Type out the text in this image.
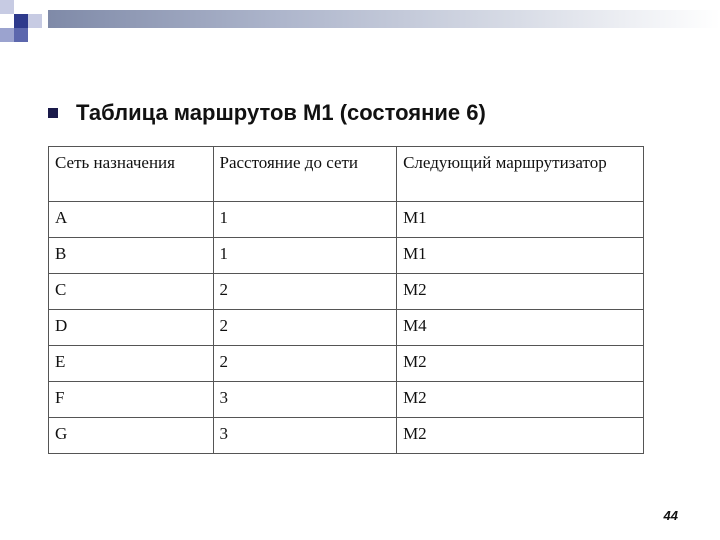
Таблица маршрутов M1 (состояние 6)
Сеть назначения	Расстояние до сети	Следующий маршрутизатор
A	1	M1
B	1	M1
C	2	M2
D	2	M4
E	2	M2
F	3	M2
G	3	M2
44
